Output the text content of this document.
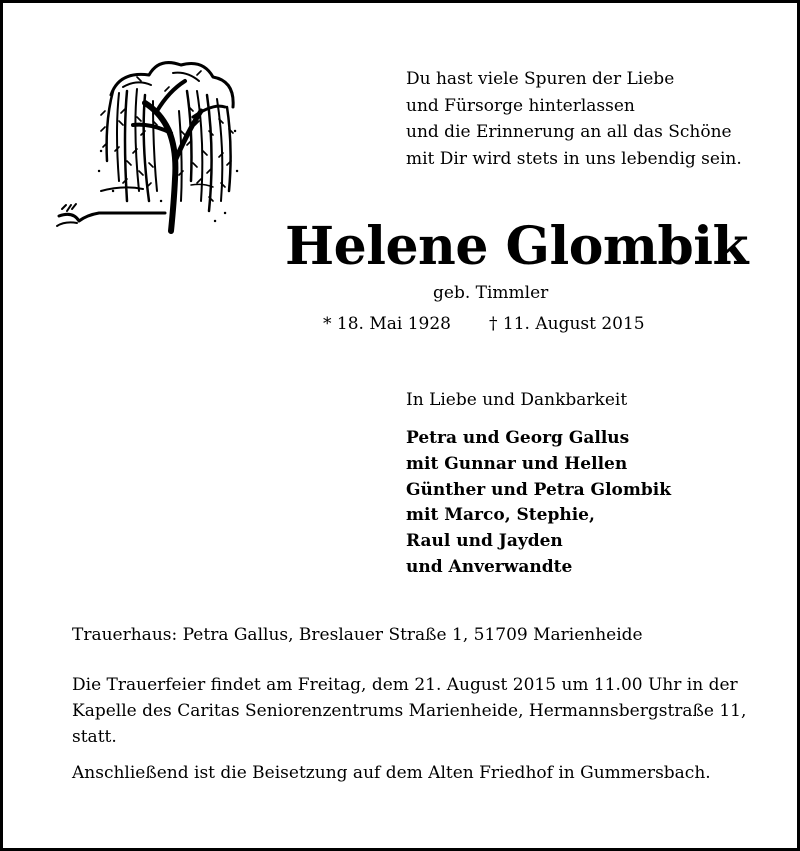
Du hast viele Spuren der Liebe
und Fürsorge hinterlassen
und die Erinnerung an all das Schöne
mit Dir wird stets in uns lebendig sein.
Helene Glombik
geb. Timmler
* 18. Mai 1928 † 11. August 2015
In Liebe und Dankbarkeit
Petra und Georg Gallus
mit Gunnar und Hellen
Günther und Petra Glombik
mit Marco, Stephie,
Raul und Jayden
und Anverwandte
Trauerhaus: Petra Gallus, Breslauer Straße 1, 51709 Marienheide
Die Trauerfeier findet am Freitag, dem 21. August 2015 um 11.00 Uhr in der
Kapelle des Caritas Seniorenzentrums Marienheide, Hermannsbergstraße 11,
statt.
Anschließend ist die Beisetzung auf dem Alten Friedhof in Gummersbach.
